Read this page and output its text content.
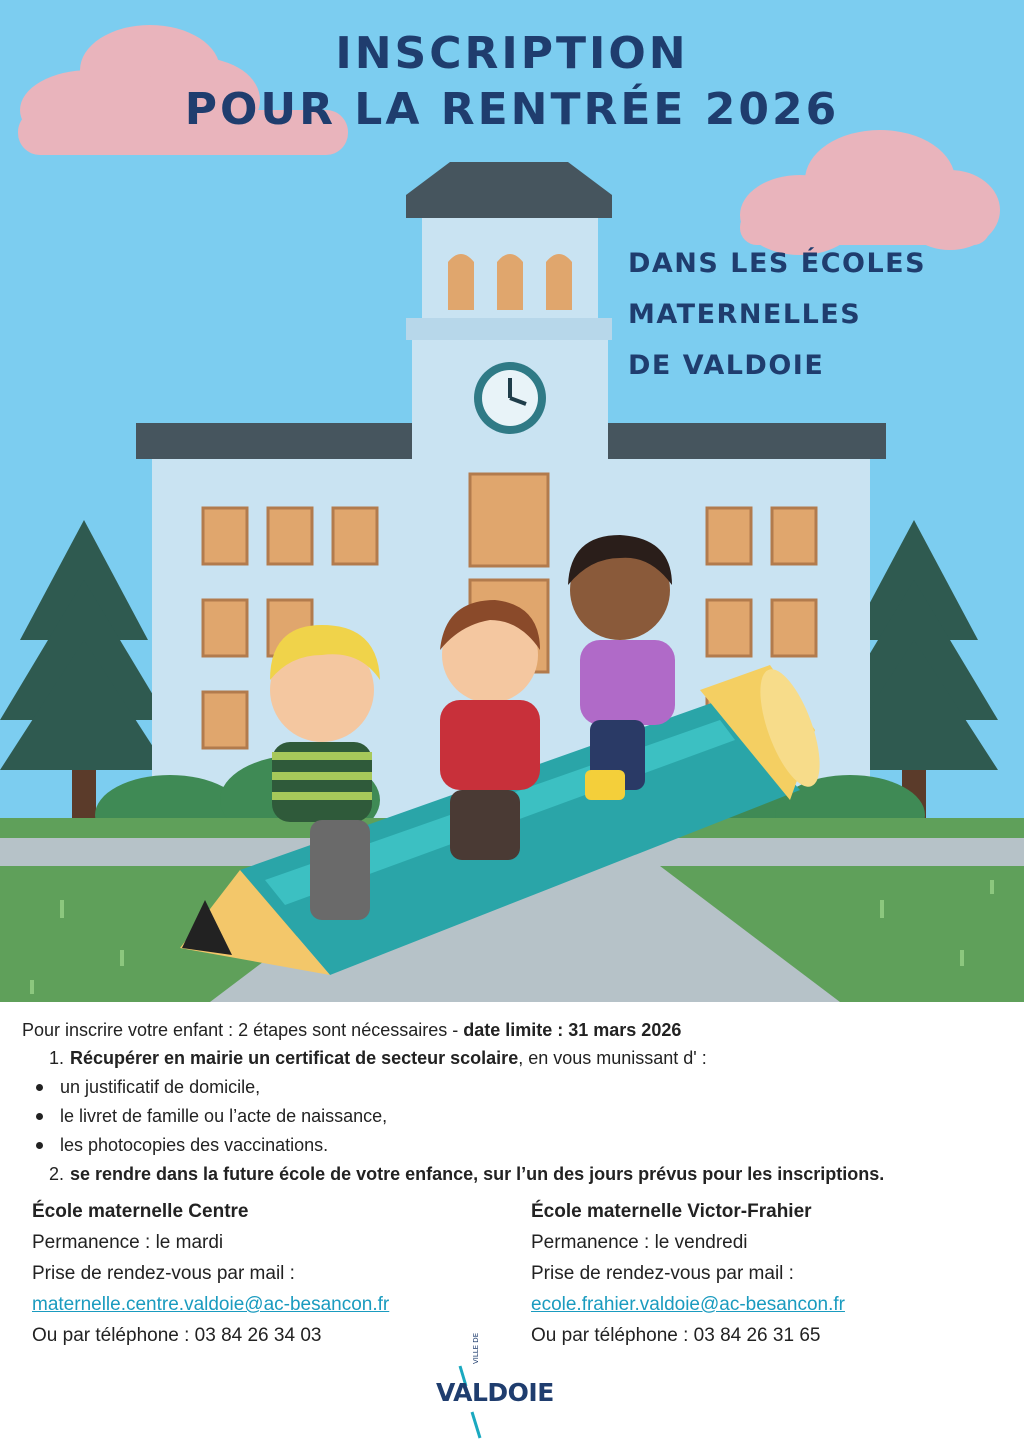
INSCRIPTION
POUR LA RENTRÉE 2026
DANS LES ÉCOLES
MATERNELLES
DE VALDOIE
Pour inscrire votre enfant : 2 étapes sont nécessaires - date limite : 31 mars 2026
1. Récupérer en mairie un certificat de secteur scolaire, en vous munissant d' :
un justificatif de domicile,
le livret de famille ou l’acte de naissance,
les photocopies des vaccinations.
2. se rendre dans la future école de votre enfance, sur l’un des jours prévus pour les inscriptions.
École maternelle Centre
Permanence : le mardi
Prise de rendez-vous par mail :
maternelle.centre.valdoie@ac-besancon.fr
Ou par téléphone : 03 84 26 34 03
École maternelle Victor-Frahier
Permanence : le vendredi
Prise de rendez-vous par mail :
ecole.frahier.valdoie@ac-besancon.fr
Ou par téléphone : 03 84 26 31 65
VILLE DE
VALDOIE
